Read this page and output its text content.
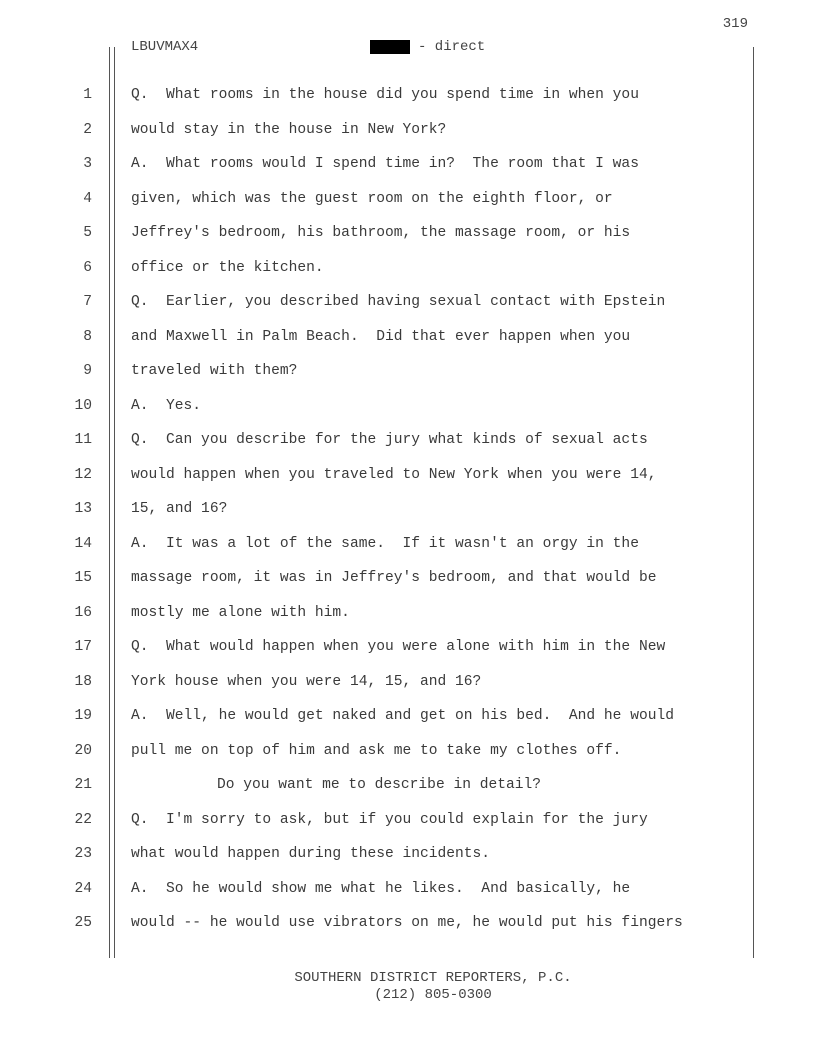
319
LBUVMAX4	- direct
1	Q.  What rooms in the house did you spend time in when you
2	would stay in the house in New York?
3	A.  What rooms would I spend time in?  The room that I was
4	given, which was the guest room on the eighth floor, or
5	Jeffrey's bedroom, his bathroom, the massage room, or his
6	office or the kitchen.
7	Q.  Earlier, you described having sexual contact with Epstein
8	and Maxwell in Palm Beach.  Did that ever happen when you
9	traveled with them?
10	A.  Yes.
11	Q.  Can you describe for the jury what kinds of sexual acts
12	would happen when you traveled to New York when you were 14,
13	15, and 16?
14	A.  It was a lot of the same.  If it wasn't an orgy in the
15	massage room, it was in Jeffrey's bedroom, and that would be
16	mostly me alone with him.
17	Q.  What would happen when you were alone with him in the New
18	York house when you were 14, 15, and 16?
19	A.  Well, he would get naked and get on his bed.  And he would
20	pull me on top of him and ask me to take my clothes off.
21	Do you want me to describe in detail?
22	Q.  I'm sorry to ask, but if you could explain for the jury
23	what would happen during these incidents.
24	A.  So he would show me what he likes.  And basically, he
25	would -- he would use vibrators on me, he would put his fingers
SOUTHERN DISTRICT REPORTERS, P.C.
(212) 805-0300
